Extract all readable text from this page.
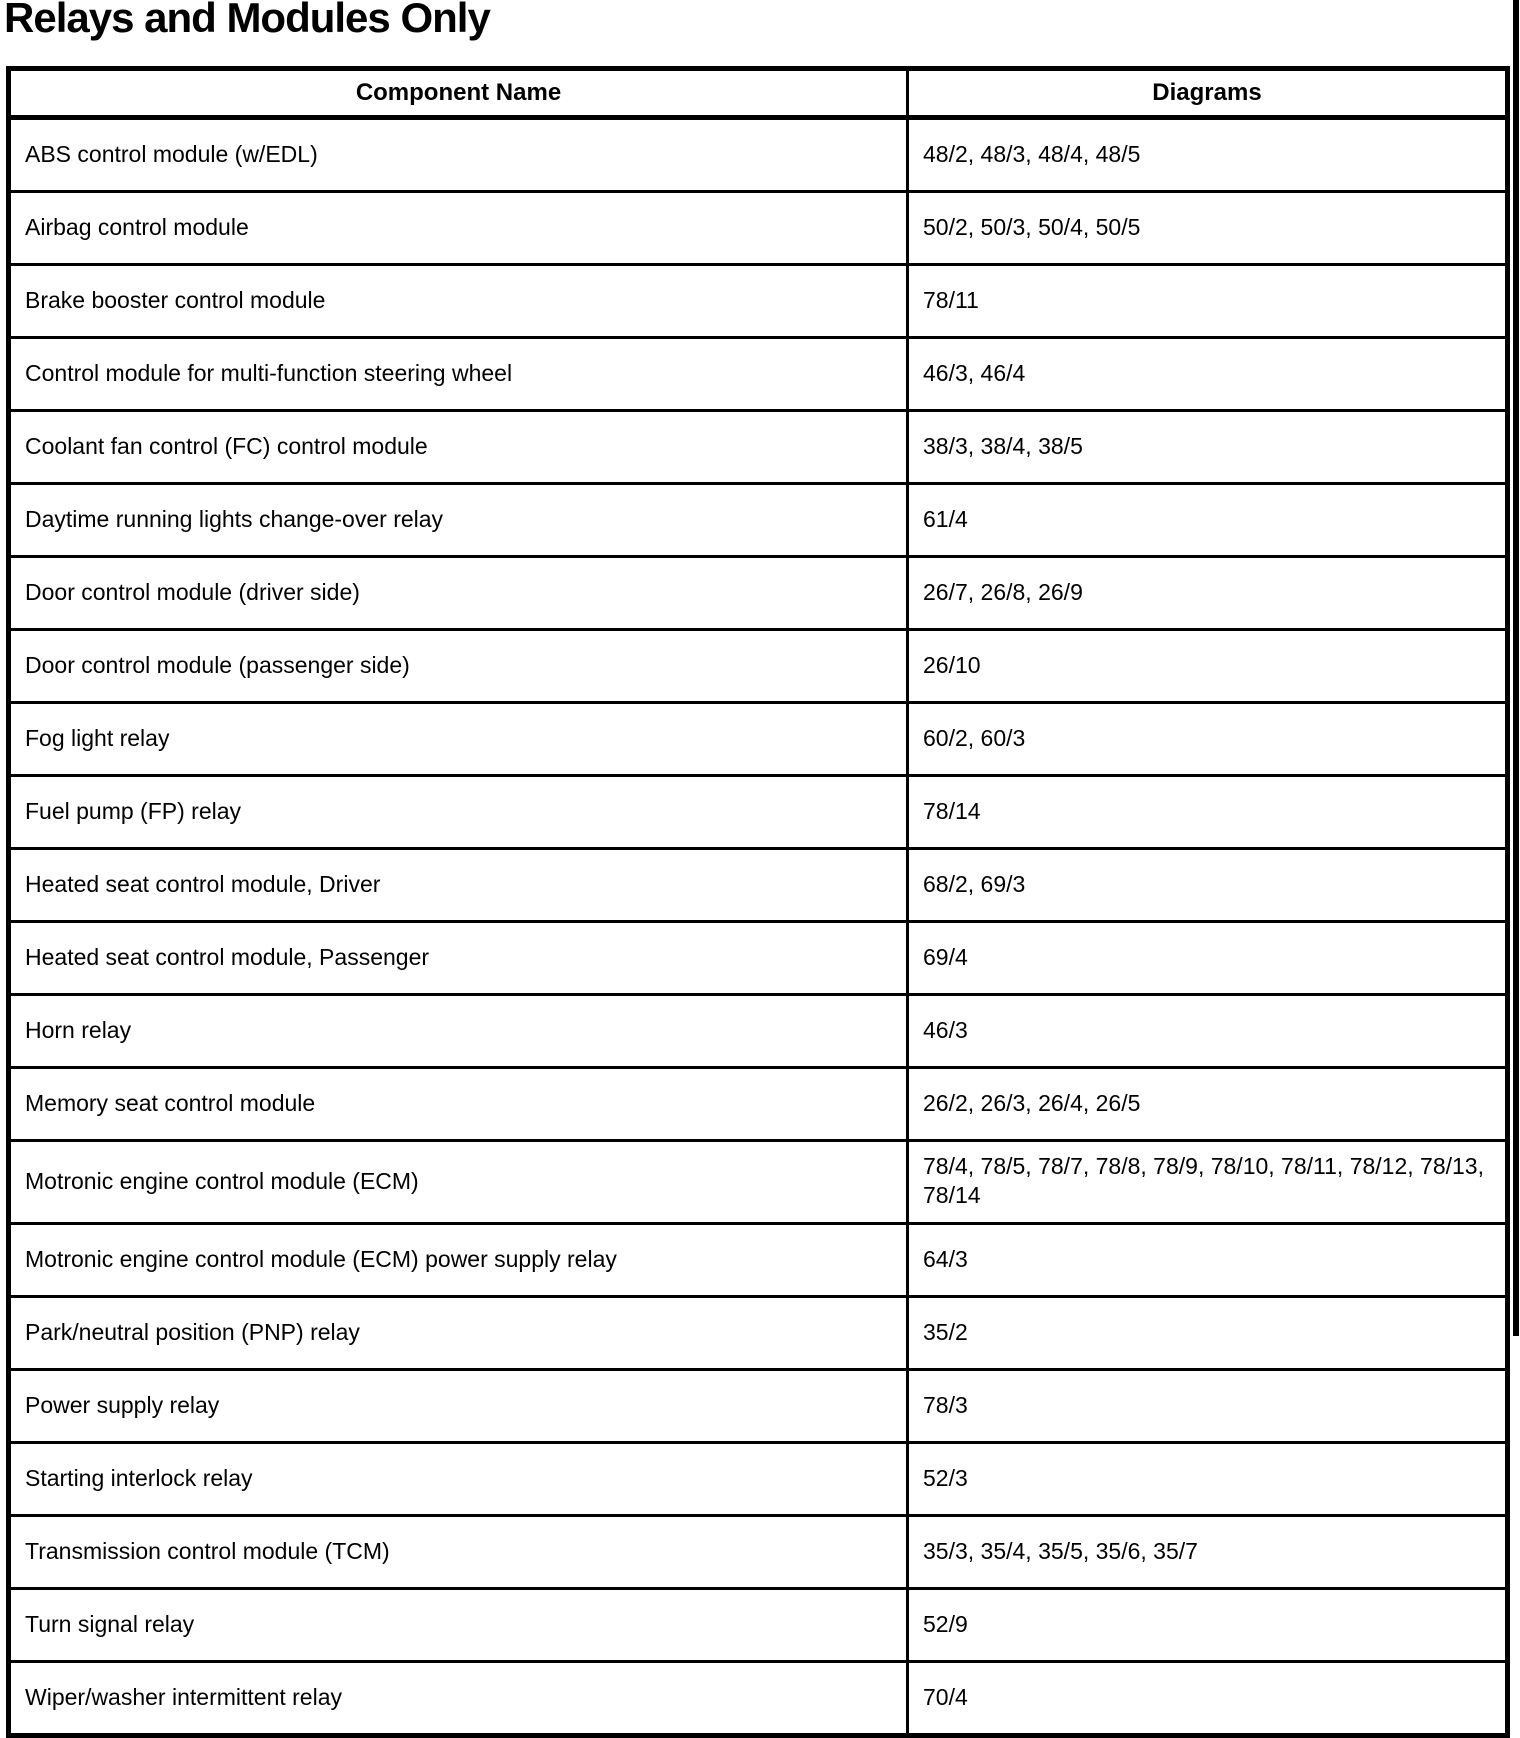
Relays and Modules Only
Component Name	Diagrams
ABS control module (w/EDL)	48/2, 48/3, 48/4, 48/5
Airbag control module	50/2, 50/3, 50/4, 50/5
Brake booster control module	78/11
Control module for multi-function steering wheel	46/3, 46/4
Coolant fan control (FC) control module	38/3, 38/4, 38/5
Daytime running lights change-over relay	61/4
Door control module (driver side)	26/7, 26/8, 26/9
Door control module (passenger side)	26/10
Fog light relay	60/2, 60/3
Fuel pump (FP) relay	78/14
Heated seat control module, Driver	68/2, 69/3
Heated seat control module, Passenger	69/4
Horn relay	46/3
Memory seat control module	26/2, 26/3, 26/4, 26/5
Motronic engine control module (ECM)	78/4, 78/5, 78/7, 78/8, 78/9, 78/10, 78/11, 78/12, 78/13, 78/14
Motronic engine control module (ECM) power supply relay	64/3
Park/neutral position (PNP) relay	35/2
Power supply relay	78/3
Starting interlock relay	52/3
Transmission control module (TCM)	35/3, 35/4, 35/5, 35/6, 35/7
Turn signal relay	52/9
Wiper/washer intermittent relay	70/4
